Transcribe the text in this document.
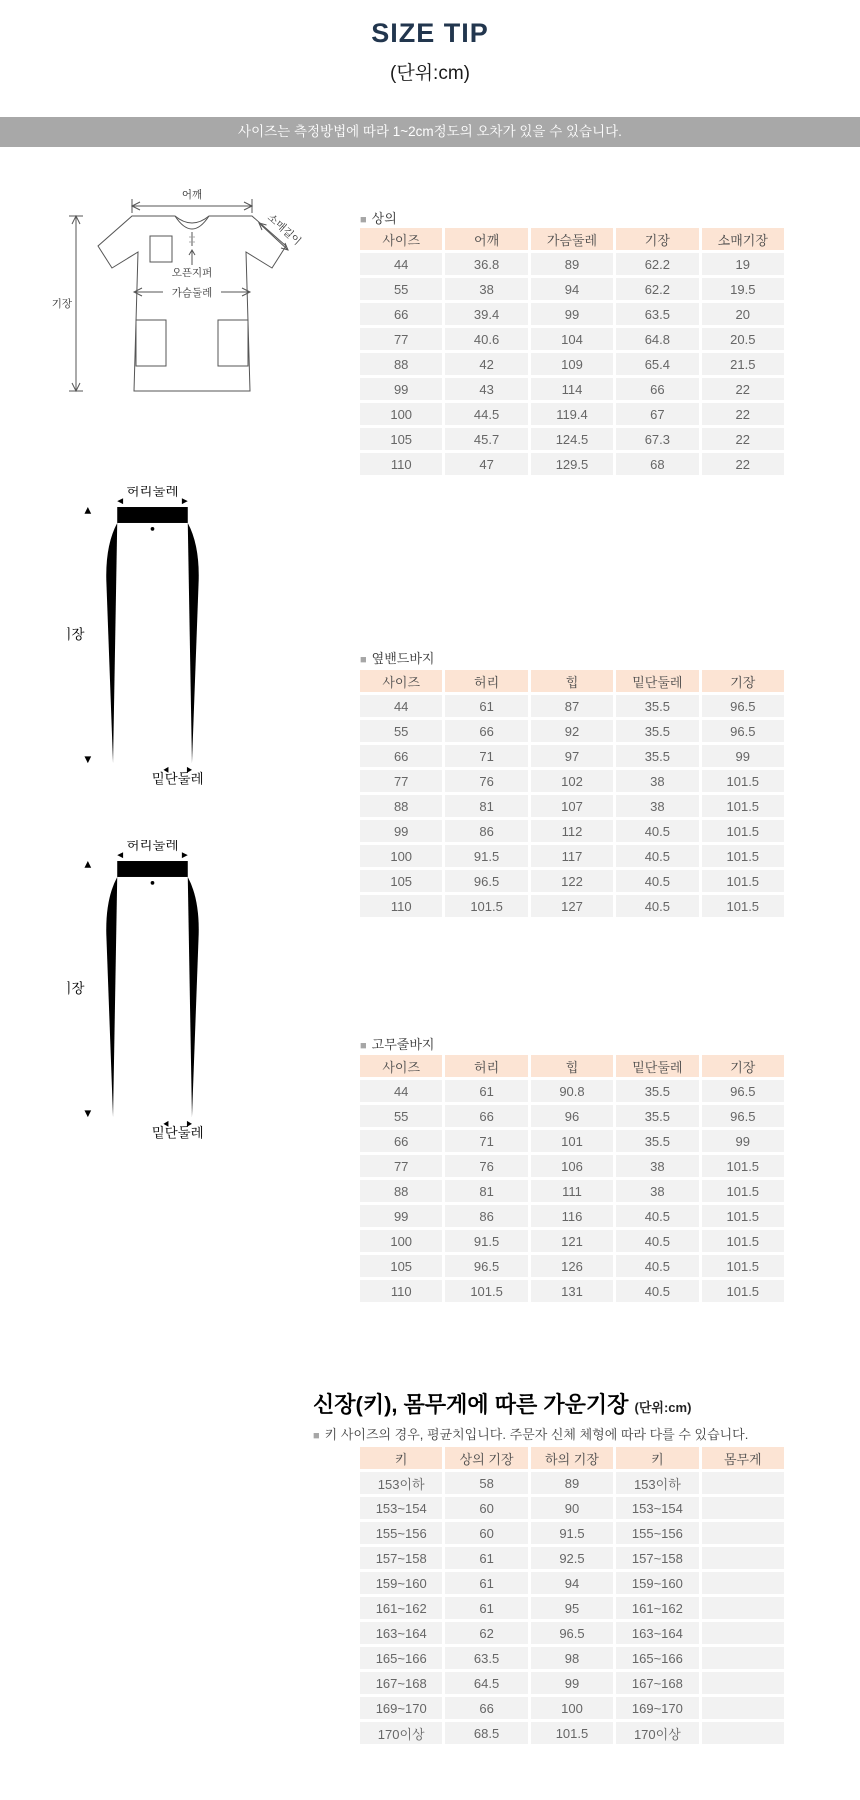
SIZE TIP
(단위:cm)
사이즈는 측정방법에 따라 1~2cm정도의 오차가 있을 수 있습니다.
어깨
기장
소매길이
오픈지퍼
가슴둘레
■ 상의
사이즈	어깨	가슴둘레	기장	소매기장
44	36.8	89	62.2	19
55	38	94	62.2	19.5
66	39.4	99	63.5	20
77	40.6	104	64.8	20.5
88	42	109	65.4	21.5
99	43	114	66	22
100	44.5	119.4	67	22
105	45.7	124.5	67.3	22
110	47	129.5	68	22
■ 옆밴드바지
사이즈	허리	힙	밑단둘레	기장
44	61	87	35.5	96.5
55	66	92	35.5	96.5
66	71	97	35.5	99
77	76	102	38	101.5
88	81	107	38	101.5
99	86	112	40.5	101.5
100	91.5	117	40.5	101.5
105	96.5	122	40.5	101.5
110	101.5	127	40.5	101.5
■ 고무줄바지
사이즈	허리	힙	밑단둘레	기장
44	61	90.8	35.5	96.5
55	66	96	35.5	96.5
66	71	101	35.5	99
77	76	106	38	101.5
88	81	111	38	101.5
99	86	116	40.5	101.5
100	91.5	121	40.5	101.5
105	96.5	126	40.5	101.5
110	101.5	131	40.5	101.5
신장(키), 몸무게에 따른 가운기장 (단위:cm)
■ 키 사이즈의 경우, 평균치입니다. 주문자 신체 체형에 따라 다를 수 있습니다.
키	상의 기장	하의 기장	키	몸무게
153이하	58	89	153이하	
153~154	60	90	153~154	
155~156	60	91.5	155~156	
157~158	61	92.5	157~158	
159~160	61	94	159~160	
161~162	61	95	161~162	
163~164	62	96.5	163~164	
165~166	63.5	98	165~166	
167~168	64.5	99	167~168	
169~170	66	100	169~170	
170이상	68.5	101.5	170이상	
